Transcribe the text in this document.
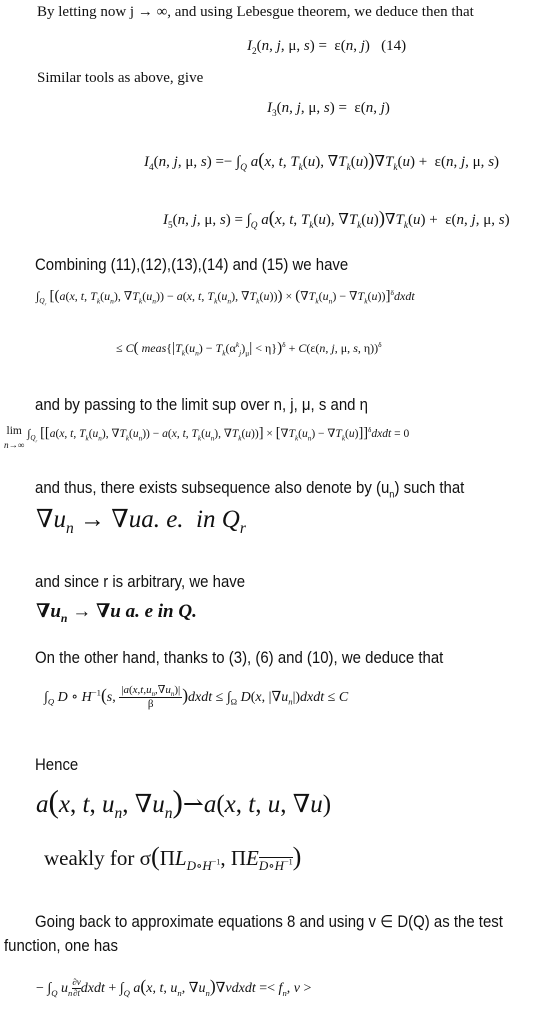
By letting now j → ∞, and using Lebesgue theorem, we deduce then that
$I_2(n$, j, μ, s) =  ε(n, j)   (14)
Similar tools as above, give
$I_3(n$, j, μ, s) =  ε(n, j)
$I_4(n$, j, μ, $s) =- \int_Q$ a(x, t, $T_k(u)$, $\nabla T_k(u))\nabla T_k(u) + \varepsilon(n$, j, μ, s)
$I_5(n$, j, μ, $s) = \int_Q$ a(x, t, $T_k(u)$, $\nabla T_k(u))\nabla T_k(u) + \varepsilon(n$, j, μ, s)
Combining (11),(12),(13),(14) and (15) we have
$\int_{Q_r}$ [(a(x, t, $T_k(u_n)$, $\nabla T_k(u_n)) - a(x$, t, $T_k(u_n)$, $\nabla T_k(u))) \times (\nabla T_k(u_n)$ − $\nabla T_k(u))]^\delta dxdt$
≤ C( $meas\{|T_k(u_n) - T_k(\alpha^k_j)_\mu| < \eta\})^\delta + C(\varepsilon(n$, j, μ, s, η))$^\delta$
and by passing to the limit sup over n, j, μ, s and η
lim
n→∞ $\int_{Q_r}$ [[a(x, t, $T_k(u_n)$, $\nabla T_k(u_n)) - a(x$, t, $T_k(u_n)$, $\nabla T_k(u))] \times [\nabla T_k(u_n)$ − $\nabla T_k(u)]]^\delta dxdt = 0$
and thus, there exists subsequence also denote by $(u_n)$ such that
$\nabla u_n \to \nabla ua$. e.  in $Q_r$
and since r is arbitrary, we have
$\nabla u_n \to \nabla u$ a. e in Q.
On the other hand, thanks to (3), (6) and (10), we deduce that
$\int_Q$ D ∘ $H^{-1}(s$, $\frac{|a(x,t,u_n,\nabla u_n)|}{\beta}$ )dxdt ≤ $\int_\Omega$ D(x, $|\nabla u_n|)dxdt \le C$
Hence
a(x, t, $u_n$, $\nabla u_n)⇀a(x$, t, u, ∇u)
weakly for $\sigma(\Pi L_{D\circ H^{-1}}$, $\Pi E_{D\circ H^{-1}}$)
Going back to approximate equations 8 and using v ∈ D(Q) as the test
function, one has
− $\int_Q$ $u_n \frac{\partial v}{\partial t}$ dxdt + $\int_Q$ a(x, t, $u_n$, $\nabla u_n)\nabla vdxdt =< f_n$, v >
